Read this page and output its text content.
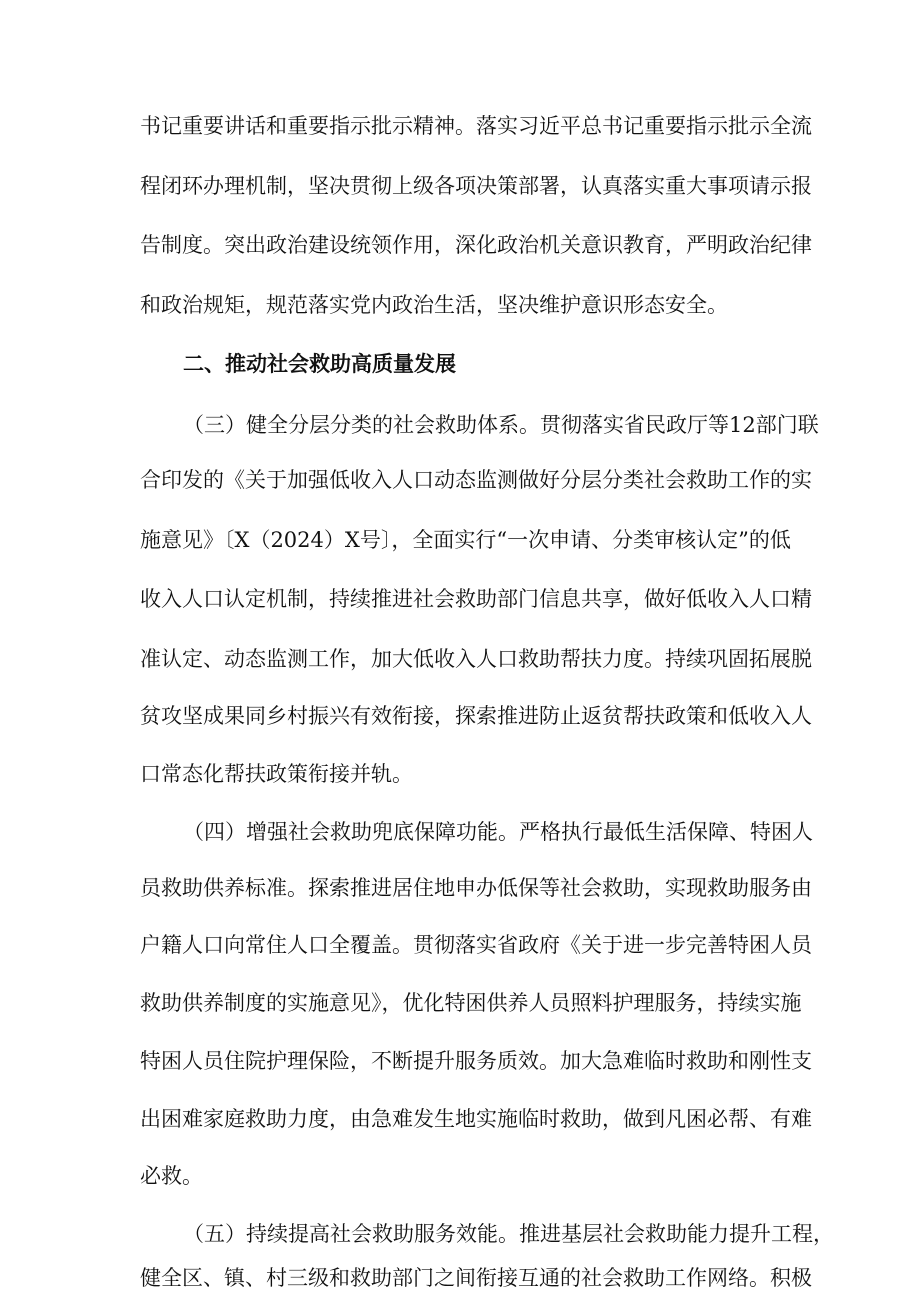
书记重要讲话和重要指示批示精神。落实习近平总书记重要指示批示全流
程闭环办理机制，坚决贯彻上级各项决策部署，认真落实重大事项请示报
告制度。突出政治建设统领作用，深化政治机关意识教育，严明政治纪律
和政治规矩，规范落实党内政治生活，坚决维护意识形态安全。
二、推动社会救助高质量发展
（三）健全分层分类的社会救助体系。贯彻落实省民政厅等12部门联
合印发的《关于加强低收入人口动态监测做好分层分类社会救助工作的实
施意见》〔X（2024）X号〕，全面实行“一次申请、分类审核认定”的低
收入人口认定机制，持续推进社会救助部门信息共享，做好低收入人口精
准认定、动态监测工作，加大低收入人口救助帮扶力度。持续巩固拓展脱
贫攻坚成果同乡村振兴有效衔接，探索推进防止返贫帮扶政策和低收入人
口常态化帮扶政策衔接并轨。
（四）增强社会救助兜底保障功能。严格执行最低生活保障、特困人
员救助供养标准。探索推进居住地申办低保等社会救助，实现救助服务由
户籍人口向常住人口全覆盖。贯彻落实省政府《关于进一步完善特困人员
救助供养制度的实施意见》，优化特困供养人员照料护理服务，持续实施
特困人员住院护理保险，不断提升服务质效。加大急难临时救助和刚性支
出困难家庭救助力度，由急难发生地实施临时救助，做到凡困必帮、有难
必救。
（五）持续提高社会救助服务效能。推进基层社会救助能力提升工程，
健全区、镇、村三级和救助部门之间衔接互通的社会救助工作网络。积极
